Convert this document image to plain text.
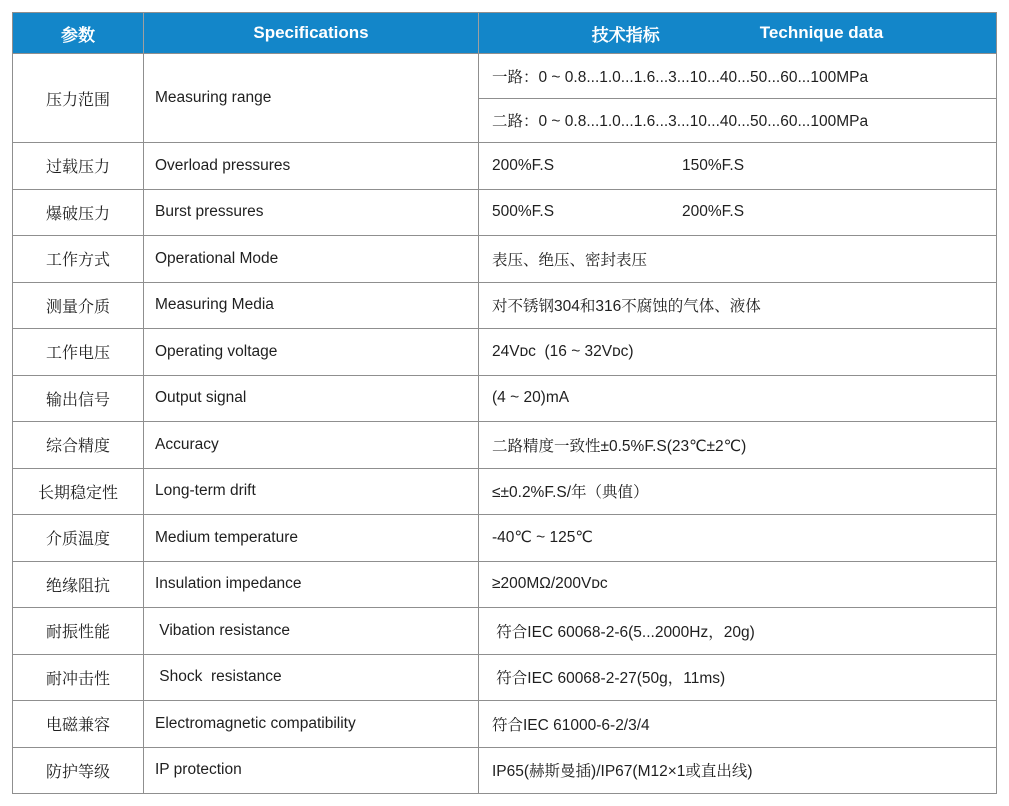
参数	Specifications	技术指标	Technique data
压力范围	Measuring range
一路：0 ~ 0.8...1.0...1.6...3...10...40...50...60...100MPa
二路：0 ~ 0.8...1.0...1.6...3...10...40...50...60...100MPa
过载压力	Overload pressures	200%F.S	150%F.S
爆破压力	Burst pressures	500%F.S	200%F.S
工作方式	Operational Mode	表压、绝压、密封表压
测量介质	Measuring Media	对不锈钢304和316不腐蚀的气体、液体
工作电压	Operating voltage	24Vᴅᴄ  (16 ~ 32Vᴅᴄ)
输出信号	Output signal	(4 ~ 20)mA
综合精度	Accuracy	二路精度一致性±0.5%F.S(23℃±2℃)
长期稳定性	Long-term drift	≤±0.2%F.S/年（典值）
介质温度	Medium temperature	-40℃ ~ 125℃
绝缘阻抗	Insulation impedance	≥200MΩ/200Vᴅᴄ
耐振性能	Vibation resistance	符合IEC 60068-2-6(5...2000Hz，20g)
耐冲击性	Shock  resistance	符合IEC 60068-2-27(50g，11ms)
电磁兼容	Electromagnetic compatibility	符合IEC 61000-6-2/3/4
防护等级	IP protection	IP65(赫斯曼插)/IP67(M12×1或直出线)
